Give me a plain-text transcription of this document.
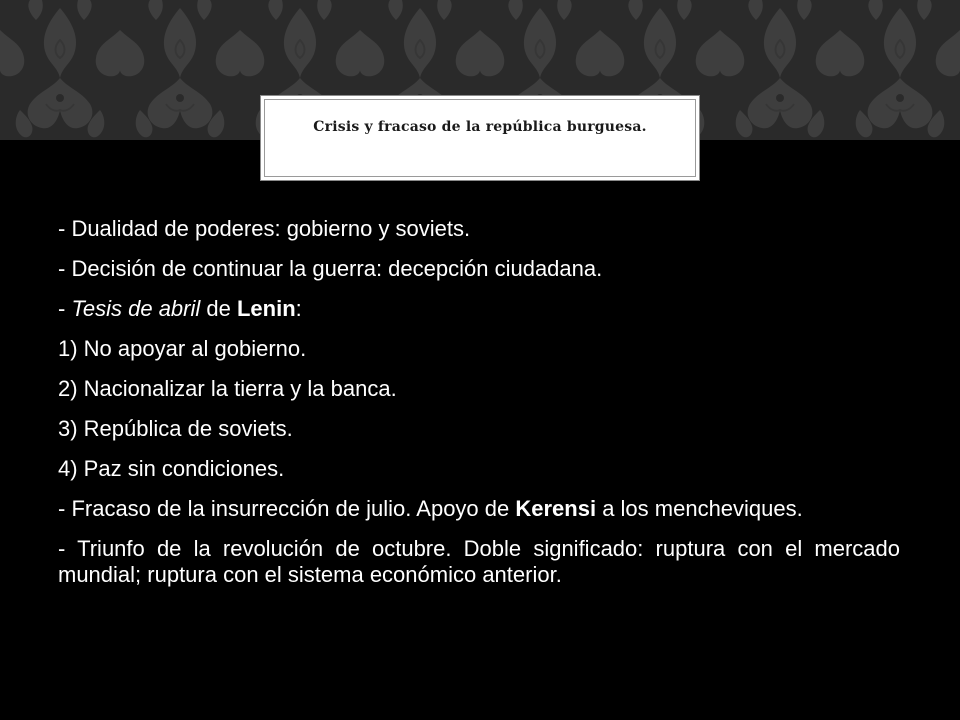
Crisis y fracaso de la república burguesa.

- Dualidad de poderes: gobierno y soviets.

- Decisión de continuar la guerra: decepción ciudadana.

- Tesis de abril de Lenin:

1) No apoyar al gobierno.

2) Nacionalizar la tierra y la banca.

3) República de soviets.

4) Paz sin condiciones.

- Fracaso de la insurrección de julio. Apoyo de Kerensi a los mencheviques.

- Triunfo de la revolución de octubre. Doble significado: ruptura con el mercado mundial; ruptura con el sistema económico anterior.
